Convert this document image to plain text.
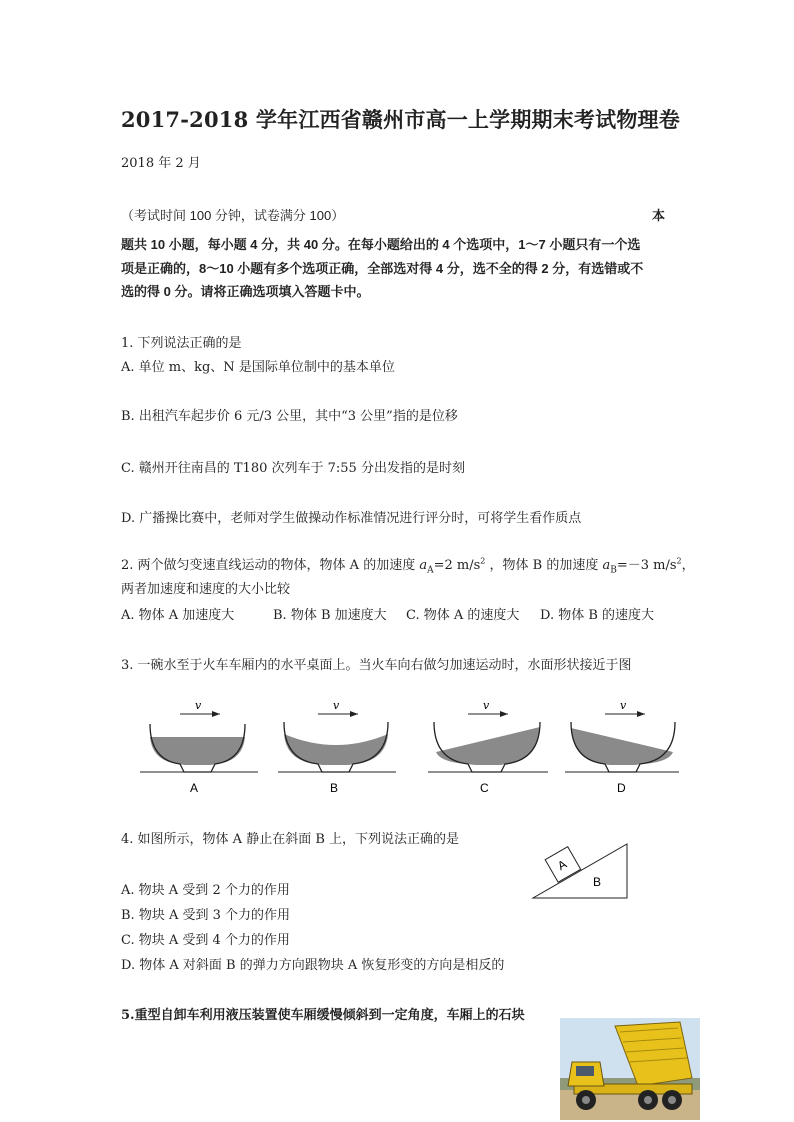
2017-2018 学年江西省赣州市高一上学期期末考试物理卷
2018 年 2 月
（考试时间 100 分钟，试卷满分 100）	本
题共 10 小题，每小题 4 分，共 40 分。在每小题给出的 4 个选项中，1～7 小题只有一个选
项是正确的，8～10 小题有多个选项正确，全部选对得 4 分，选不全的得 2 分，有选错或不
选的得 0 分。请将正确选项填入答题卡中。
1. 下列说法正确的是
A. 单位 m、kg、N 是国际单位制中的基本单位
B. 出租汽车起步价 6 元/3 公里，其中“3 公里”指的是位移
C. 赣州开往南昌的 T180 次列车于 7:55 分出发指的是时刻
D. 广播操比赛中，老师对学生做操动作标准情况进行评分时，可将学生看作质点
2. 两个做匀变速直线运动的物体，物体 A 的加速度 $a_A=2$ $m/s^2$ ，物体 B 的加速度 $a_B=-3$ $m/s^2$，
两者加速度和速度的大小比较
A. 物体 A 加速度大	B. 物体 B 加速度大 C. 物体 A 的速度大 D. 物体 B 的速度大
3. 一碗水至于火车车厢内的水平桌面上。当火车向右做匀加速运动时，水面形状接近于图
v
A
v
B
v
C
v
D
4. 如图所示，物体 A 静止在斜面 B 上，下列说法正确的是
A
B
A. 物块 A 受到 2 个力的作用
B. 物块 A 受到 3 个力的作用
C. 物块 A 受到 4 个力的作用
D. 物体 A 对斜面 B 的弹力方向跟物块 A 恢复形变的方向是相反的
5.重型自卸车利用液压装置使车厢缓慢倾斜到一定角度，车厢上的石块
